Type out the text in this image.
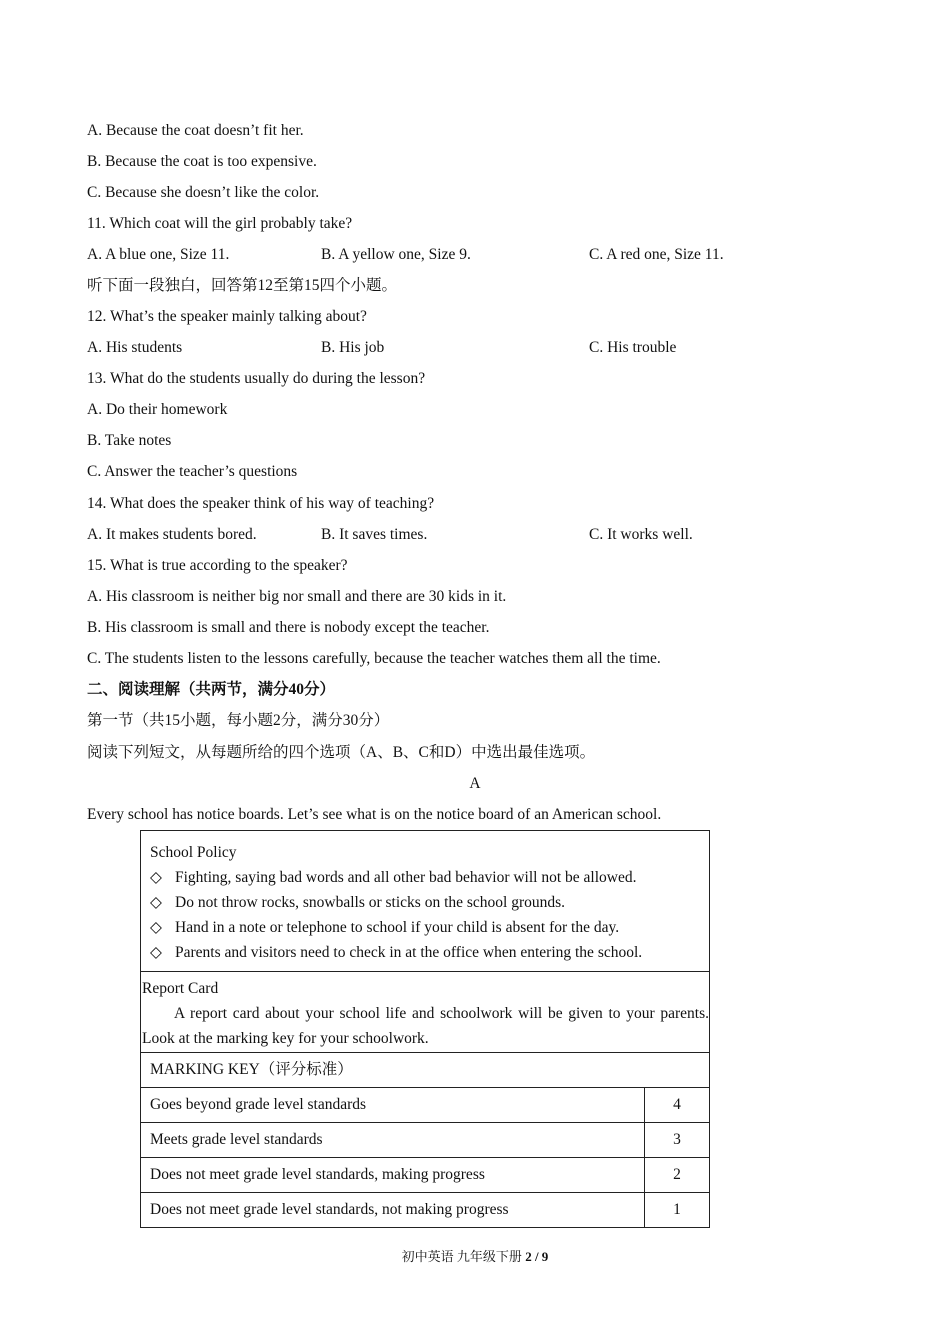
A. Because the coat doesn’t fit her.
B. Because the coat is too expensive.
C. Because she doesn’t like the color.
11. Which coat will the girl probably take?
A. A blue one, Size 11.	B. A yellow one, Size 9.	C. A red one, Size 11.
听下面一段独白，回答第12至第15四个小题。
12. What’s the speaker mainly talking about?
A. His students	B. His job	C. His trouble
13. What do the students usually do during the lesson?
A. Do their homework
B. Take notes
C. Answer the teacher’s questions
14. What does the speaker think of his way of teaching?
A. It makes students bored.	B. It saves times.	C. It works well.
15. What is true according to the speaker?
A. His classroom is neither big nor small and there are 30 kids in it.
B. His classroom is small and there is nobody except the teacher.
C. The students listen to the lessons carefully, because the teacher watches them all the time.
二、阅读理解（共两节，满分40分）
第一节（共15小题，每小题2分，满分30分）
阅读下列短文，从每题所给的四个选项（A、B、C和D）中选出最佳选项。
A
Every school has notice boards. Let’s see what is on the notice board of an American school.
School Policy
◇ Fighting, saying bad words and all other bad behavior will not be allowed.
◇ Do not throw rocks, snowballs or sticks on the school grounds.
◇ Hand in a note or telephone to school if your child is absent for the day.
◇ Parents and visitors need to check in at the office when entering the school.
Report Card
A report card about your school life and schoolwork will be given to your parents. Look at the marking key for your schoolwork.
MARKING KEY（评分标准）
Goes beyond grade level standards	4
Meets grade level standards	3
Does not meet grade level standards, making progress	2
Does not meet grade level standards, not making progress	1
初中英语 九年级下册 2 / 9
